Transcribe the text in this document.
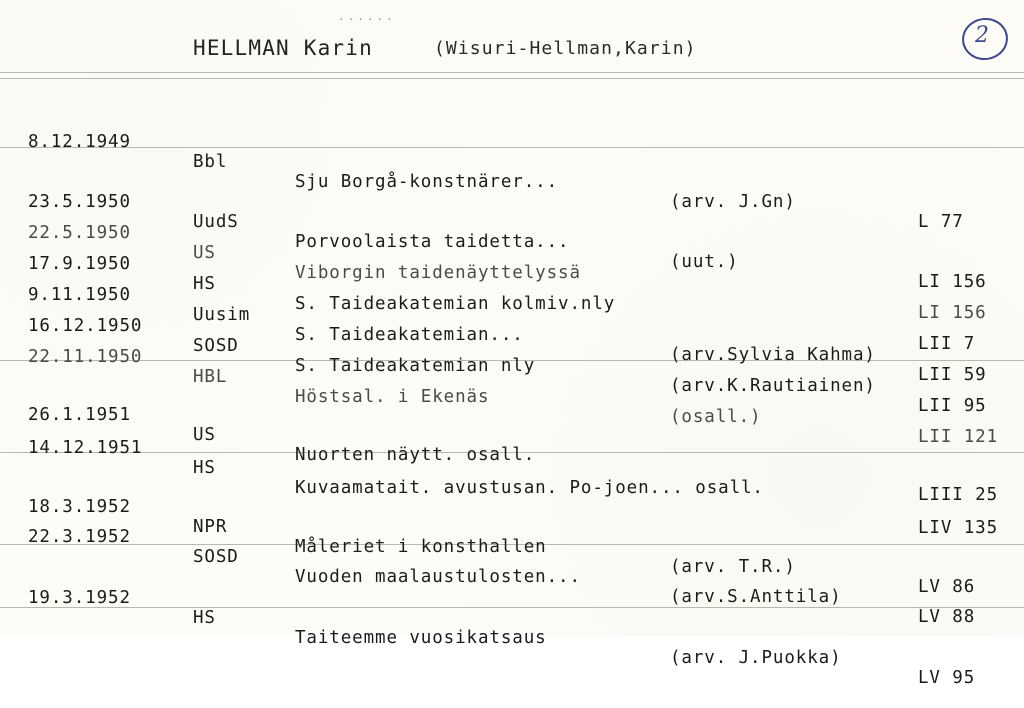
......
HELLMAN Karin	(Wisuri-Hellman,Karin)
2

8.12.1949

Bbl

Sju Borgå-konstnärer...

(arv. J.Gn)

L 77

23.5.1950

UudS

Porvoolaista taidetta...

(uut.)

LI 156

22.5.1950

US

Viborgin taidenäyttelyssä

LI 156

17.9.1950

HS

S. Taideakatemian kolmiv.nly

LII 7

9.11.1950

Uusim

S. Taideakatemian...

(arv.Sylvia Kahma)

LII 59

16.12.1950

SOSD

S. Taideakatemian nly

(arv.K.Rautiainen)

LII 95

22.11.1950

HBL

Höstsal. i Ekenäs

(osall.)

LII 121

26.1.1951

US

Nuorten näytt. osall.

LIII 25

14.12.1951

HS

Kuvaamatait. avustusan. Po-joen... osall.

LIV 135

18.3.1952

NPR

Måleriet i konsthallen

(arv. T.R.)

LV 86

22.3.1952

SOSD

Vuoden maalaustulosten...

(arv.S.Anttila)

LV 88

19.3.1952

HS

Taiteemme vuosikatsaus

(arv. J.Puokka)

LV 95
